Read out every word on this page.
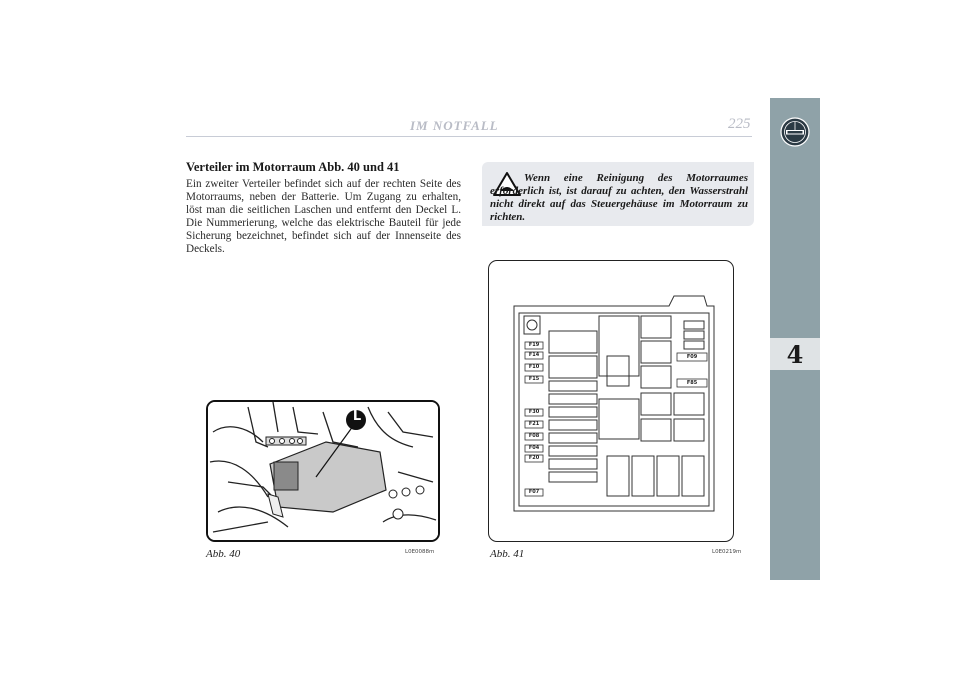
IM NOTFALL	225
4
Verteiler im Motorraum Abb. 40 und 41

Ein zweiter Verteiler befindet sich auf der rechten Seite des Motorraums, neben der Batterie. Um Zugang zu erhalten, löst man die seitlichen Laschen und entfernt den Deckel L. Die Nummerierung, welche das elektrische Bauteil für jede Sicherung bezeichnet, befindet sich auf der Innenseite des Deckels.

Wenn eine Reinigung des Motorraumes erforderlich ist, ist darauf zu achten, den Wasserstrahl nicht direkt auf das Steuergehäuse im Motorraum zu richten.

L
Abb. 40	L0E0088m
F19
F14
F10
F15
F30
F21
F08
F04
F20
F07
F09
F85
Abb. 41	L0E0219m
